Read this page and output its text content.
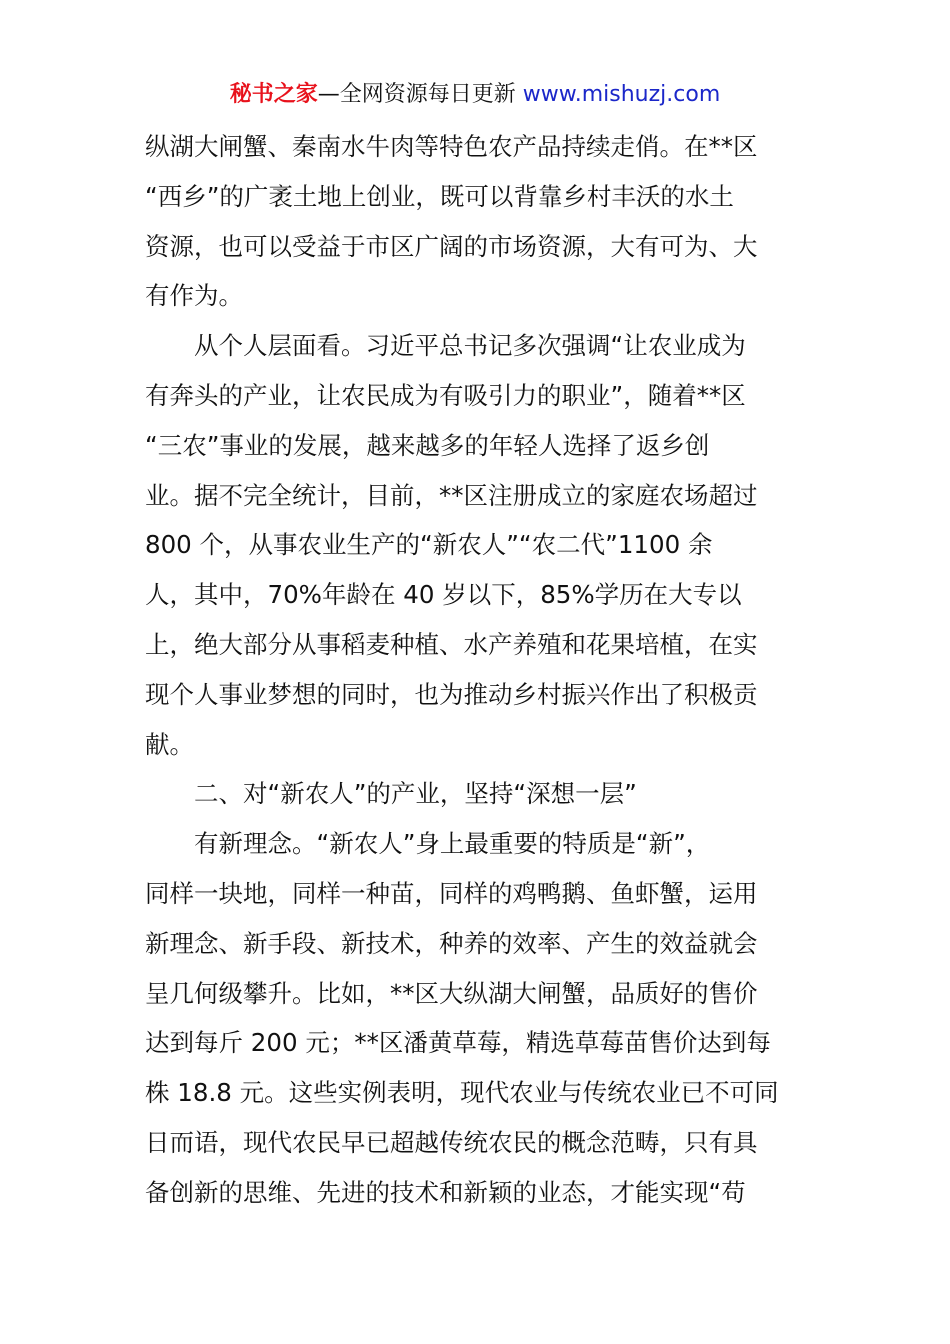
秘书之家—全网资源每日更新 www.mishuzj.com
纵湖大闸蟹、秦南水牛肉等特色农产品持续走俏。在**区
“西乡”的广袤土地上创业，既可以背靠乡村丰沃的水土
资源，也可以受益于市区广阔的市场资源，大有可为、大
有作为。
从个人层面看。习近平总书记多次强调“让农业成为
有奔头的产业，让农民成为有吸引力的职业”，随着**区
“三农”事业的发展，越来越多的年轻人选择了返乡创
业。据不完全统计，目前，**区注册成立的家庭农场超过
800 个，从事农业生产的“新农人”“农二代”1100 余
人，其中，70%年龄在 40 岁以下，85%学历在大专以
上，绝大部分从事稻麦种植、水产养殖和花果培植，在实
现个人事业梦想的同时，也为推动乡村振兴作出了积极贡
献。
二、对“新农人”的产业，坚持“深想一层”
有新理念。“新农人”身上最重要的特质是“新”，
同样一块地，同样一种苗，同样的鸡鸭鹅、鱼虾蟹，运用
新理念、新手段、新技术，种养的效率、产生的效益就会
呈几何级攀升。比如，**区大纵湖大闸蟹，品质好的售价
达到每斤 200 元；**区潘黄草莓，精选草莓苗售价达到每
株 18.8 元。这些实例表明，现代农业与传统农业已不可同
日而语，现代农民早已超越传统农民的概念范畴，只有具
备创新的思维、先进的技术和新颖的业态，才能实现“苟
